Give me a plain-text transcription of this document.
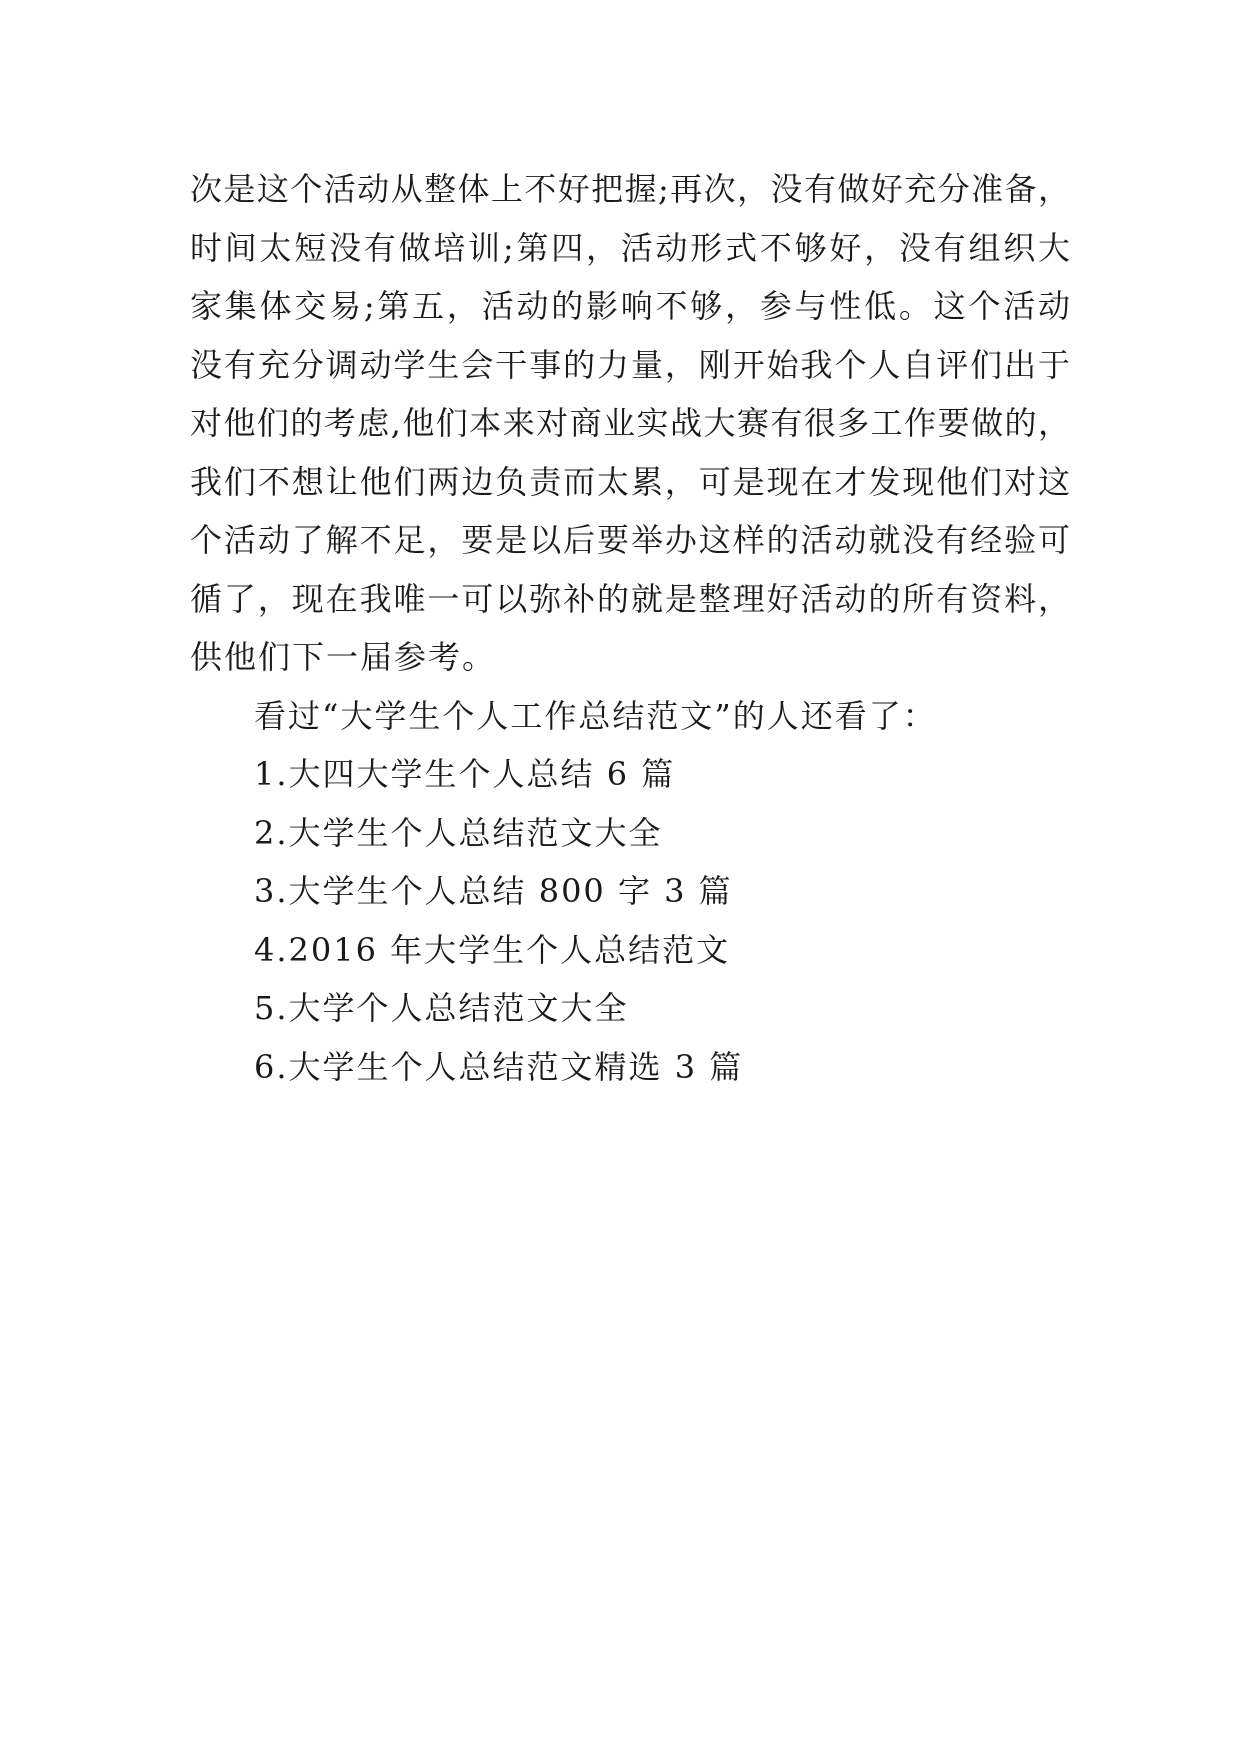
次是这个活动从整体上不好把握;再次，没有做好充分准备，
时间太短没有做培训;第四，活动形式不够好，没有组织大
家集体交易;第五，活动的影响不够，参与性低。这个活动
没有充分调动学生会干事的力量，刚开始我个人自评们出于
对他们的考虑,他们本来对商业实战大赛有很多工作要做的，
我们不想让他们两边负责而太累，可是现在才发现他们对这
个活动了解不足，要是以后要举办这样的活动就没有经验可
循了，现在我唯一可以弥补的就是整理好活动的所有资料，
供他们下一届参考。
看过“大学生个人工作总结范文”的人还看了：
1.大四大学生个人总结 6 篇
2.大学生个人总结范文大全
3.大学生个人总结 800 字 3 篇
4.2016 年大学生个人总结范文
5.大学个人总结范文大全
6.大学生个人总结范文精选 3 篇
